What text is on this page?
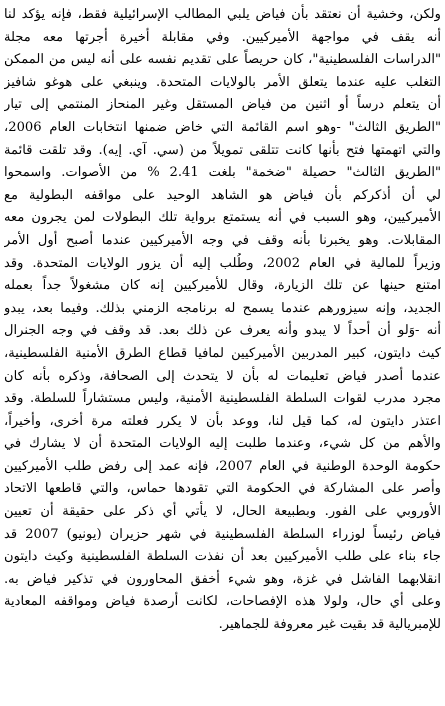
ولكن، وخشية أن نعتقد بأن فياض يلبي المطالب الإسرائيلية فقط، فإنه يؤكد لنا
أنه يقف في مواجهة الأميركيين. وفي مقابلة أخيرة أجرتها معه مجلة
"الدراسات الفلسطينية"، كان حريصاً على تقديم نفسه على أنه ليس من الممكن
التغلب عليه عندما يتعلق الأمر بالولايات المتحدة. وينبغي على هوغو شافيز
أن يتعلم درساً أو اثنين من فياض المستقل وغير المنحاز المنتمي إلى تيار
"الطريق الثالث" -وهو اسم القائمة التي خاض ضمنها انتخابات العام 2006،
والتي اتهمتها فتح بأنها كانت تتلقى تمويلاً من (سي. آي. إيه). وقد تلقت قائمة
"الطريق الثالث" حصيلة "ضخمة" بلغت 2.41 % من الأصوات. واسمحوا
لي أن أذكركم بأن فياض هو الشاهد الوحيد على مواقفه البطولية مع
الأميركيين، وهو السبب في أنه يستمتع برواية تلك البطولات لمن يجرون معه
المقابلات. وهو يخبرنا بأنه وقف في وجه الأميركيين عندما أصبح أول الأمر
وزيراً للمالية في العام 2002، وطُلب إليه أن يزور الولايات المتحدة. وقد
امتنع حينها عن تلك الزيارة، وقال للأميركيين إنه كان مشغولاً جداً بعمله
الجديد، وإنه سيزورهم عندما يسمح له برنامجه الزمني بذلك. وفيما بعد، يبدو
أنه -وَلو أن أحداً لا يبدو وأنه يعرف عن ذلك بعد. قد وقف في وجه الجنرال
كيث دايتون، كبير المدربين الأميركيين لمافيا قطاع الطرق الأمنية الفلسطينية،
عندما أصدر فياض تعليمات له بأن لا يتحدث إلى الصحافة، وذكره بأنه كان
مجرد مدرب لقوات السلطة الفلسطينية الأمنية، وليس مستشاراً للسلطة. وقد
اعتذر دايتون له، كما قيل لنا، ووعد بأن لا يكرر فعلته مرة أخرى، وأخيراً،
والأهم من كل شيء، وعندما طلبت إليه الولايات المتحدة أن لا يشارك في
حكومة الوحدة الوطنية في العام 2007، فإنه عمد إلى رفض طلب الأميركيين
وأصر على المشاركة في الحكومة التي تقودها حماس، والتي قاطعها الاتحاد
الأوروبي على الفور. وبطبيعة الحال، لا يأتي أي ذكر على حقيقة أن تعيين
فياض رئيساً لوزراء السلطة الفلسطينية في شهر حزيران (يونيو) 2007 قد
جاء بناء على طلب الأميركيين بعد أن نفذت السلطة الفلسطينية وكيث دايتون
انقلابهما الفاشل في غزة، وهو شيء أخفق المحاورون في تذكير فياض به.
وعلى أي حال، ولولا هذه الإفصاحات، لكانت أرصدة فياض ومواقفه المعادية
للإمبريالية قد بقيت غير معروفة للجماهير.
